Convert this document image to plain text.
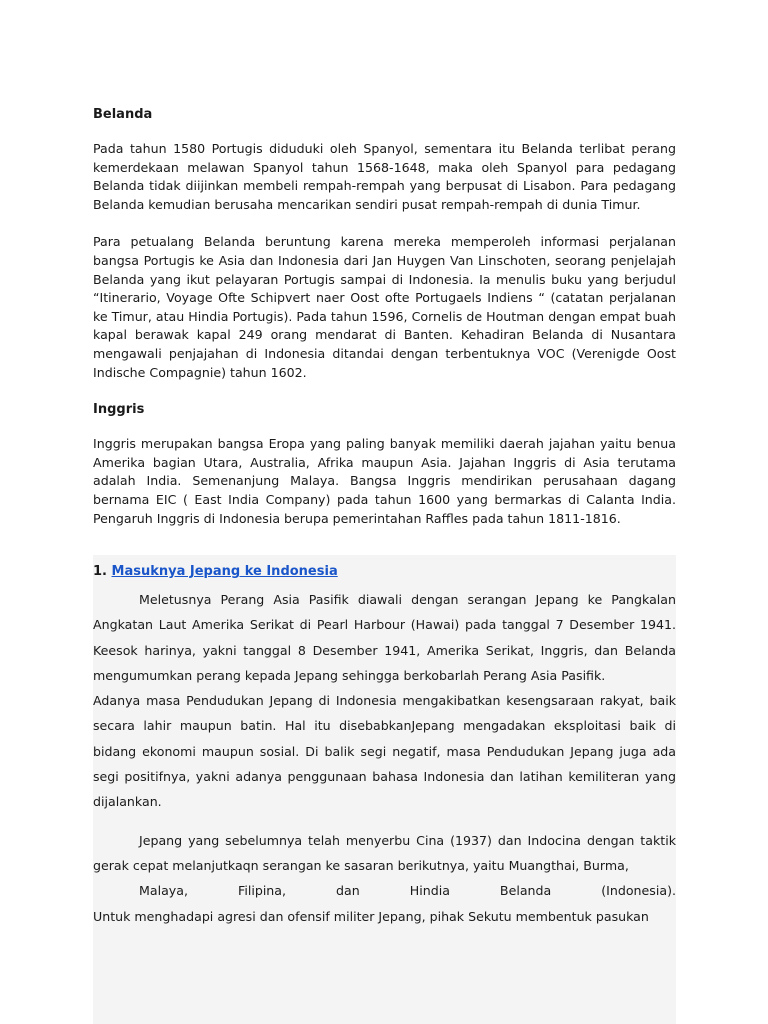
Belanda

Pada tahun 1580 Portugis diduduki oleh Spanyol, sementara itu Belanda terlibat perang kemerdekaan melawan Spanyol tahun 1568-1648, maka oleh Spanyol para pedagang Belanda tidak diijinkan membeli rempah-rempah yang berpusat di Lisabon. Para pedagang Belanda kemudian berusaha mencarikan sendiri pusat rempah-rempah di dunia Timur.

Para petualang Belanda beruntung karena mereka memperoleh informasi perjalanan bangsa Portugis ke Asia dan Indonesia dari Jan Huygen Van Linschoten, seorang penjelajah Belanda yang ikut pelayaran Portugis sampai di Indonesia. Ia menulis buku yang berjudul “Itinerario, Voyage Ofte Schipvert naer Oost ofte Portugaels Indiens “ (catatan perjalanan ke Timur, atau Hindia Portugis). Pada tahun 1596, Cornelis de Houtman dengan empat buah kapal berawak kapal 249 orang mendarat di Banten. Kehadiran Belanda di Nusantara mengawali penjajahan di Indonesia ditandai dengan terbentuknya VOC (Verenigde Oost Indische Compagnie) tahun 1602.

Inggris

Inggris merupakan bangsa Eropa yang paling banyak memiliki daerah jajahan yaitu benua Amerika bagian Utara, Australia, Afrika maupun Asia. Jajahan Inggris di Asia terutama adalah India. Semenanjung Malaya. Bangsa Inggris mendirikan perusahaan dagang bernama EIC ( East India Company) pada tahun 1600 yang bermarkas di Calanta India. Pengaruh Inggris di Indonesia berupa pemerintahan Raffles pada tahun 1811-1816.

1. Masuknya Jepang ke Indonesia

Meletusnya Perang Asia Pasifik diawali dengan serangan Jepang ke Pangkalan Angkatan Laut Amerika Serikat di Pearl Harbour (Hawai) pada tanggal 7 Desember 1941. Keesok harinya, yakni tanggal 8 Desember 1941, Amerika Serikat, Inggris, dan Belanda mengumumkan perang kepada Jepang sehingga berkobarlah Perang Asia Pasifik.

Adanya masa Pendudukan Jepang di Indonesia mengakibatkan kesengsaraan rakyat, baik secara lahir maupun batin. Hal itu disebabkanJepang mengadakan eksploitasi baik di bidang ekonomi maupun sosial. Di balik segi negatif, masa Pendudukan Jepang juga ada segi positifnya, yakni adanya penggunaan bahasa Indonesia dan latihan kemiliteran yang dijalankan.

Jepang yang sebelumnya telah menyerbu Cina (1937) dan Indocina dengan taktik gerak cepat melanjutkaqn serangan ke sasaran berikutnya, yaitu Muangthai, Burma,
Malaya, Filipina, dan Hindia Belanda (Indonesia).

Untuk menghadapi agresi dan ofensif militer Jepang, pihak Sekutu membentuk pasukan
